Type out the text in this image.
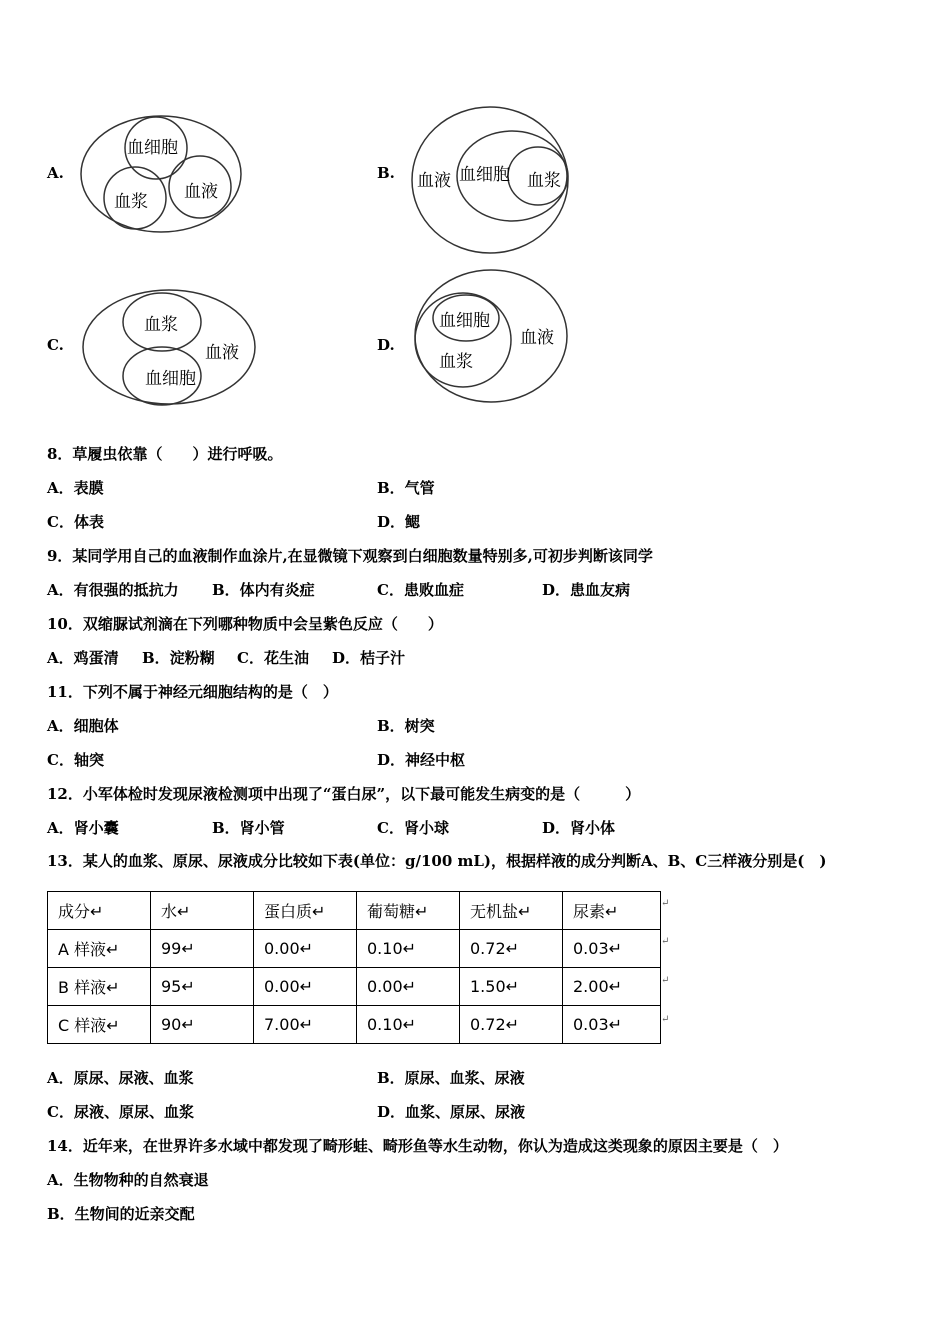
A.
血细胞
血浆 血液
B. 血液 血细胞 血浆
C.
血浆
血液
血细胞
D.
血细胞
血浆
血液
8．草履虫依靠（　　）进行呼吸。
A．表膜	B．气管
C．体表	D．鳃
9．某同学用自己的血液制作血涂片,在显微镜下观察到白细胞数量特别多,可初步判断该同学
A．有很强的抵抗力 B．体内有炎症	C．患败血症	D．患血友病
10．双缩脲试剂滴在下列哪种物质中会呈紫色反应（　　）
A．鸡蛋清 B．淀粉糊 C．花生油 D．桔子汁
11．下列不属于神经元细胞结构的是（　）
A．细胞体	B．树突
C．轴突	D．神经中枢
12．小军体检时发现尿液检测项中出现了“蛋白尿”，以下最可能发生病变的是（　　　）
A．肾小囊	B．肾小管	C．肾小球	D．肾小体
13．某人的血浆、原尿、尿液成分比较如下表(单位：g/100 mL)，根据样液的成分判断A、B、C三样液分别是(　)
成分↵	水↵	蛋白质↵	葡萄糖↵	无机盐↵	尿素↵
A 样液↵	99↵	0.00↵	0.10↵	0.72↵	0.03↵
B 样液↵	95↵	0.00↵	0.00↵	1.50↵	2.00↵
C 样液↵	90↵	7.00↵	0.10↵	0.72↵	0.03↵
↵
↵
↵
↵
A．原尿、尿液、血浆	B．原尿、血浆、尿液
C．尿液、原尿、血浆	D．血浆、原尿、尿液
14．近年来，在世界许多水域中都发现了畸形蛙、畸形鱼等水生动物，你认为造成这类现象的原因主要是（　）
A．生物物种的自然衰退
B．生物间的近亲交配
